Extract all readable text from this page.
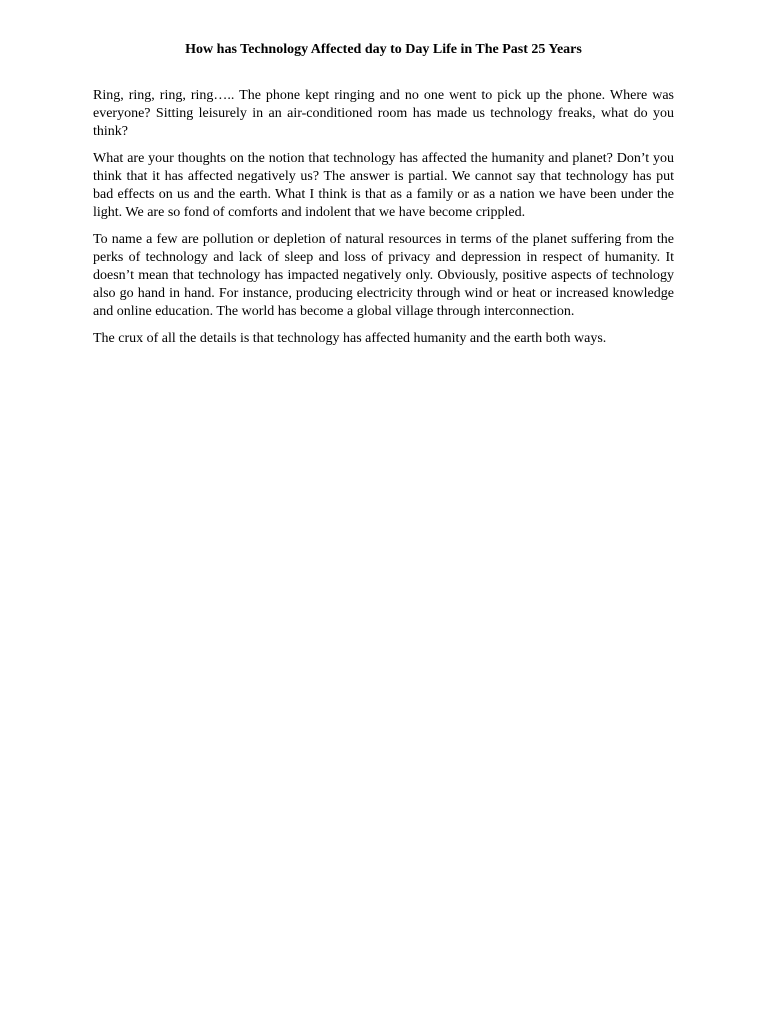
How has Technology Affected day to Day Life in The Past 25 Years

Ring, ring, ring, ring….. The phone kept ringing and no one went to pick up the phone. Where was everyone? Sitting leisurely in an air-conditioned room has made us technology freaks, what do you think?

What are your thoughts on the notion that technology has affected the humanity and planet? Don’t you think that it has affected negatively us? The answer is partial. We cannot say that technology has put bad effects on us and the earth. What I think is that as a family or as a nation we have been under the light. We are so fond of comforts and indolent that we have become crippled.

To name a few are pollution or depletion of natural resources in terms of the planet suffering from the perks of technology and lack of sleep and loss of privacy and depression in respect of humanity. It doesn’t mean that technology has impacted negatively only. Obviously, positive aspects of technology also go hand in hand. For instance, producing electricity through wind or heat or increased knowledge and online education. The world has become a global village through interconnection.

The crux of all the details is that technology has affected humanity and the earth both ways.
